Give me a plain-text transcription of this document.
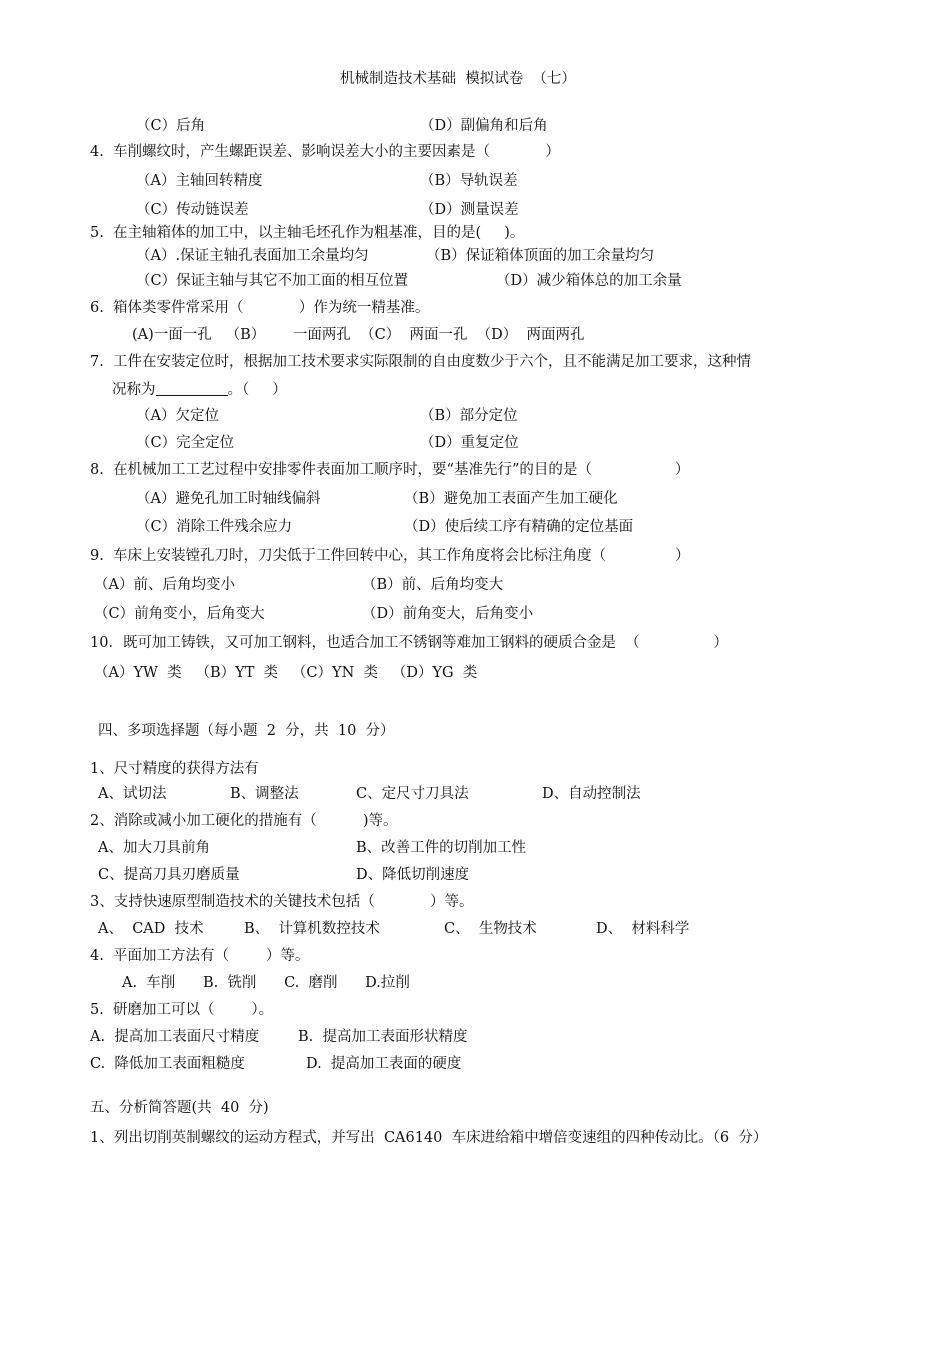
机械制造技术基础  模拟试卷  （七）
（C）后角	（D）副偏角和后角
4.  车削螺纹时，产生螺距误差、影响误差大小的主要因素是（            ）
（A）主轴回转精度	（B）导轨误差
（C）传动链误差	（D）测量误差
5.  在主轴箱体的加工中，以主轴毛坯孔作为粗基准，目的是(     )。
（A）.保证主轴孔表面加工余量均匀	（B）保证箱体顶面的加工余量均匀
（C）保证主轴与其它不加工面的相互位置	（D）减少箱体总的加工余量
6.  箱体类零件常采用（            ）作为统一精基准。
(A)一面一孔   （B）      一面两孔  （C）  两面一孔  （D）  两面两孔
7.  工件在安装定位时，根据加工技术要求实际限制的自由度数少于六个，且不能满足加工要求，这种情
况称为	。（     ）
（A）欠定位	（B）部分定位
（C）完全定位	（D）重复定位
8.  在机械加工工艺过程中安排零件表面加工顺序时，要“基准先行”的目的是（                  ）
（A）避免孔加工时轴线偏斜	（B）避免加工表面产生加工硬化
（C）消除工件残余应力	（D）使后续工序有精确的定位基面
9.  车床上安装镗孔刀时，刀尖低于工件回转中心，其工作角度将会比标注角度（               ）
（A）前、后角均变小	（B）前、后角均变大
（C）前角变小，后角变大	（D）前角变大，后角变小
10．既可加工铸铁，又可加工钢料，也适合加工不锈钢等难加工钢料的硬质合金是  （                ）
（A）YW  类   （B）YT  类   （C）YN  类   （D）YG  类
四、多项选择题（每小题  2  分，共  10  分）
1、尺寸精度的获得方法有
A、试切法	B、调整法	C、定尺寸刀具法	D、自动控制法
2、消除或减小加工硬化的措施有（          )等。
A、加大刀具前角	B、改善工件的切削加工性
C、提高刀具刃磨质量	D、降低切削速度
3、支持快速原型制造技术的关键技术包括（            ）等。
A、  CAD  技术	B、  计算机数控技术	C、  生物技术	D、  材料科学
4.  平面加工方法有（        ）等。
A.  车削      B.  铣削      C.  磨削      D.拉削
5.  研磨加工可以（        ）。
A.  提高加工表面尺寸精度	B.  提高加工表面形状精度
C.  降低加工表面粗糙度	D.  提高加工表面的硬度
五、分析简答题(共  40  分)
1、列出切削英制螺纹的运动方程式，并写出  CA6140  车床进给箱中增倍变速组的四种传动比。（6  分）
